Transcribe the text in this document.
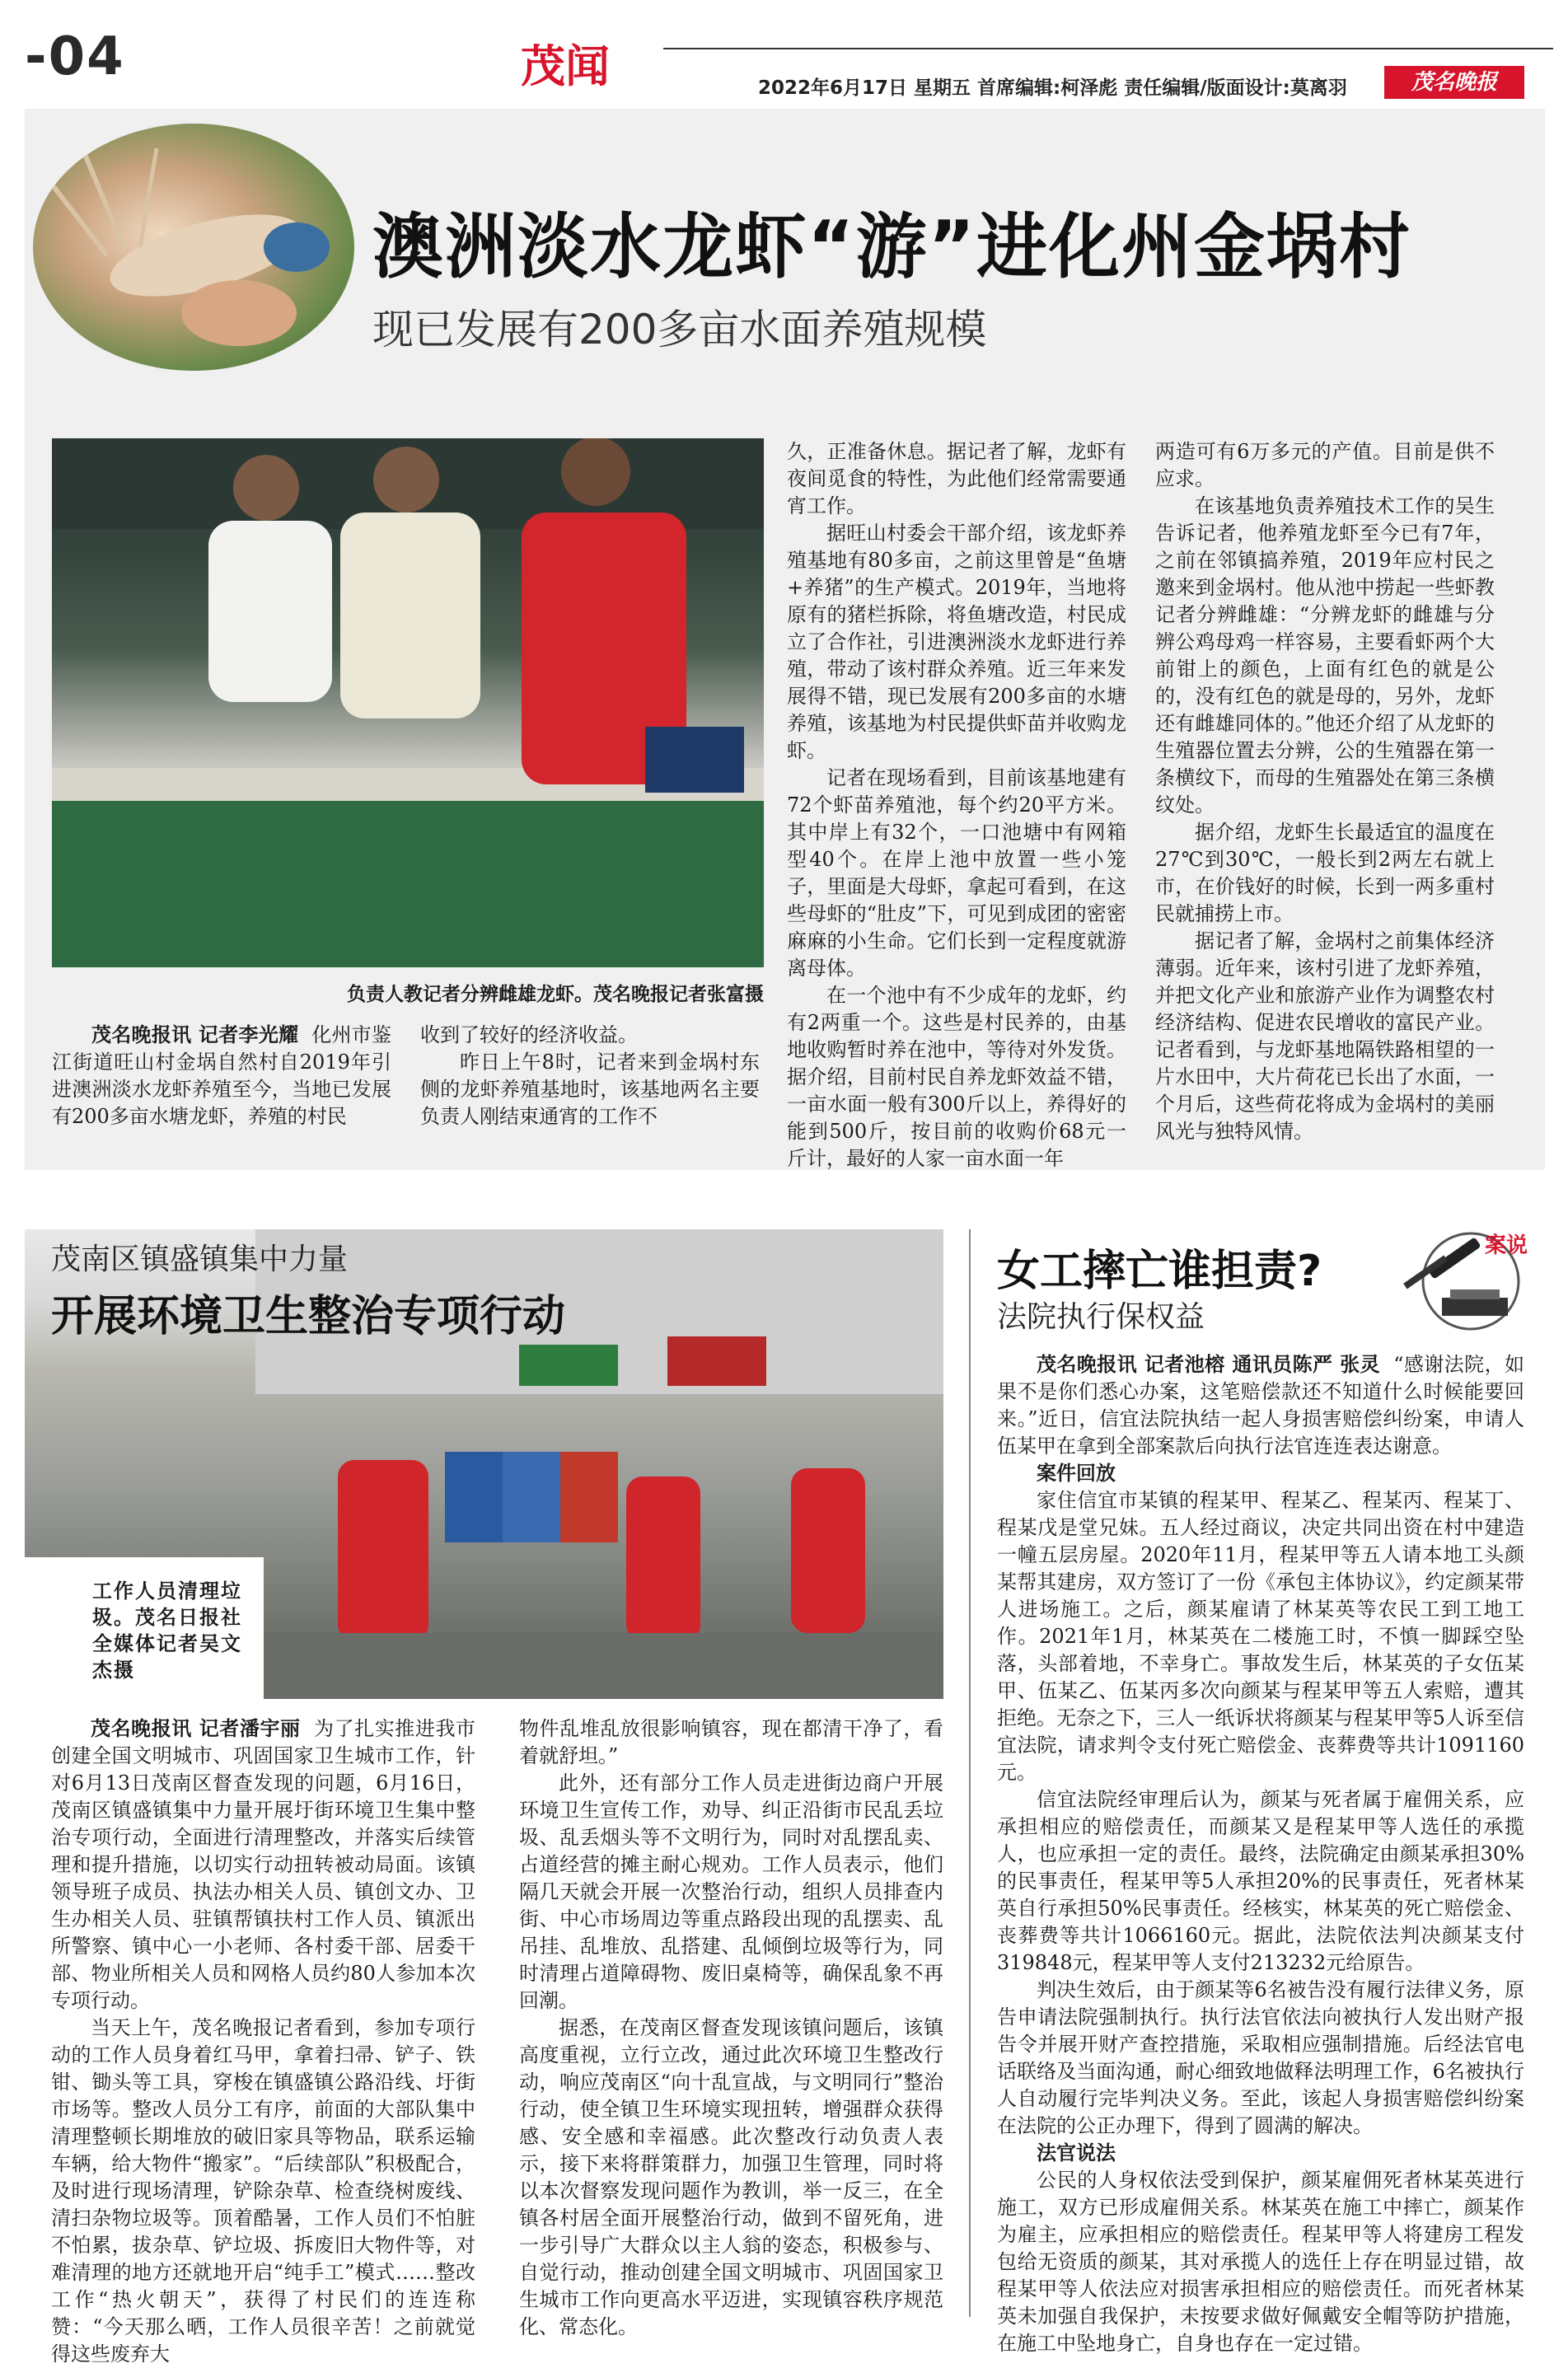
-04	茂闻	2022年6月17日 星期五 首席编辑:柯泽彪 责任编辑/版面设计:莫离羽	茂名晚报
澳洲淡水龙虾“游”进化州金埚村
现已发展有200多亩水面养殖规模
负责人教记者分辨雌雄龙虾。茂名晚报记者张富摄

茂名晚报讯 记者李光耀 化州市鉴江街道旺山村金埚自然村自2019年引进澳洲淡水龙虾养殖至今，当地已发展有200多亩水塘龙虾，养殖的村民

收到了较好的经济收益。

昨日上午8时，记者来到金埚村东侧的龙虾养殖基地时，该基地两名主要负责人刚结束通宵的工作不

久，正准备休息。据记者了解，龙虾有夜间觅食的特性，为此他们经常需要通宵工作。

据旺山村委会干部介绍，该龙虾养殖基地有80多亩，之前这里曾是“鱼塘+养猪”的生产模式。2019年，当地将原有的猪栏拆除，将鱼塘改造，村民成立了合作社，引进澳洲淡水龙虾进行养殖，带动了该村群众养殖。近三年来发展得不错，现已发展有200多亩的水塘养殖，该基地为村民提供虾苗并收购龙虾。

记者在现场看到，目前该基地建有72个虾苗养殖池，每个约20平方米。其中岸上有32个，一口池塘中有网箱型40个。在岸上池中放置一些小笼子，里面是大母虾，拿起可看到，在这些母虾的“肚皮”下，可见到成团的密密麻麻的小生命。它们长到一定程度就游离母体。

在一个池中有不少成年的龙虾，约有2两重一个。这些是村民养的，由基地收购暂时养在池中，等待对外发货。据介绍，目前村民自养龙虾效益不错，一亩水面一般有300斤以上，养得好的能到500斤，按目前的收购价68元一斤计，最好的人家一亩水面一年

两造可有6万多元的产值。目前是供不应求。

在该基地负责养殖技术工作的吴生告诉记者，他养殖龙虾至今已有7年，之前在邻镇搞养殖，2019年应村民之邀来到金埚村。他从池中捞起一些虾教记者分辨雌雄：“分辨龙虾的雌雄与分辨公鸡母鸡一样容易，主要看虾两个大前钳上的颜色，上面有红色的就是公的，没有红色的就是母的，另外，龙虾还有雌雄同体的。”他还介绍了从龙虾的生殖器位置去分辨，公的生殖器在第一条横纹下，而母的生殖器处在第三条横纹处。

据介绍，龙虾生长最适宜的温度在27℃到30℃，一般长到2两左右就上市，在价钱好的时候，长到一两多重村民就捕捞上市。

据记者了解，金埚村之前集体经济薄弱。近年来，该村引进了龙虾养殖，并把文化产业和旅游产业作为调整农村经济结构、促进农民增收的富民产业。记者看到，与龙虾基地隔铁路相望的一片水田中，大片荷花已长出了水面，一个月后，这些荷花将成为金埚村的美丽风光与独特风情。

茂南区镇盛镇集中力量
开展环境卫生整治专项行动
工作人员清理垃圾。茂名日报社全媒体记者吴文杰摄

茂名晚报讯 记者潘宇丽 为了扎实推进我市创建全国文明城市、巩固国家卫生城市工作，针对6月13日茂南区督查发现的问题，6月16日，茂南区镇盛镇集中力量开展圩街环境卫生集中整治专项行动，全面进行清理整改，并落实后续管理和提升措施，以切实行动扭转被动局面。该镇领导班子成员、执法办相关人员、镇创文办、卫生办相关人员、驻镇帮镇扶村工作人员、镇派出所警察、镇中心一小老师、各村委干部、居委干部、物业所相关人员和网格人员约80人参加本次专项行动。

当天上午，茂名晚报记者看到，参加专项行动的工作人员身着红马甲，拿着扫帚、铲子、铁钳、锄头等工具，穿梭在镇盛镇公路沿线、圩街市场等。整改人员分工有序，前面的大部队集中清理整顿长期堆放的破旧家具等物品，联系运输车辆，给大物件“搬家”。“后续部队”积极配合，及时进行现场清理，铲除杂草、检查绕树废线、清扫杂物垃圾等。顶着酷暑，工作人员们不怕脏不怕累，拔杂草、铲垃圾、拆废旧大物件等，对难清理的地方还就地开启“纯手工”模式……整改工作“热火朝天”，获得了村民们的连连称赞：“今天那么晒，工作人员很辛苦！之前就觉得这些废弃大

物件乱堆乱放很影响镇容，现在都清干净了，看着就舒坦。”

此外，还有部分工作人员走进街边商户开展环境卫生宣传工作，劝导、纠正沿街市民乱丢垃圾、乱丢烟头等不文明行为，同时对乱摆乱卖、占道经营的摊主耐心规劝。工作人员表示，他们隔几天就会开展一次整治行动，组织人员排查内街、中心市场周边等重点路段出现的乱摆卖、乱吊挂、乱堆放、乱搭建、乱倾倒垃圾等行为，同时清理占道障碍物、废旧桌椅等，确保乱象不再回潮。

据悉，在茂南区督查发现该镇问题后，该镇高度重视，立行立改，通过此次环境卫生整改行动，响应茂南区“向十乱宣战，与文明同行”整治行动，使全镇卫生环境实现扭转，增强群众获得感、安全感和幸福感。此次整改行动负责人表示，接下来将群策群力，加强卫生管理，同时将以本次督察发现问题作为教训，举一反三，在全镇各村居全面开展整治行动，做到不留死角，进一步引导广大群众以主人翁的姿态，积极参与、自觉行动，推动创建全国文明城市、巩固国家卫生城市工作向更高水平迈进，实现镇容秩序规范化、常态化。

女工摔亡谁担责?
法院执行保权益
案说

茂名晚报讯 记者池榕 通讯员陈严 张灵 “感谢法院，如果不是你们悉心办案，这笔赔偿款还不知道什么时候能要回来。”近日，信宜法院执结一起人身损害赔偿纠纷案，申请人伍某甲在拿到全部案款后向执行法官连连表达谢意。

案件回放

家住信宜市某镇的程某甲、程某乙、程某丙、程某丁、程某戊是堂兄妹。五人经过商议，决定共同出资在村中建造一幢五层房屋。2020年11月，程某甲等五人请本地工头颜某帮其建房，双方签订了一份《承包主体协议》，约定颜某带人进场施工。之后，颜某雇请了林某英等农民工到工地工作。2021年1月，林某英在二楼施工时，不慎一脚踩空坠落，头部着地，不幸身亡。事故发生后，林某英的子女伍某甲、伍某乙、伍某丙多次向颜某与程某甲等五人索赔，遭其拒绝。无奈之下，三人一纸诉状将颜某与程某甲等5人诉至信宜法院，请求判令支付死亡赔偿金、丧葬费等共计1091160元。

信宜法院经审理后认为，颜某与死者属于雇佣关系，应承担相应的赔偿责任，而颜某又是程某甲等人选任的承揽人，也应承担一定的责任。最终，法院确定由颜某承担30%的民事责任，程某甲等5人承担20%的民事责任，死者林某英自行承担50%民事责任。经核实，林某英的死亡赔偿金、丧葬费等共计1066160元。据此，法院依法判决颜某支付319848元，程某甲等人支付213232元给原告。

判决生效后，由于颜某等6名被告没有履行法律义务，原告申请法院强制执行。执行法官依法向被执行人发出财产报告令并展开财产查控措施，采取相应强制措施。后经法官电话联络及当面沟通，耐心细致地做释法明理工作，6名被执行人自动履行完毕判决义务。至此，该起人身损害赔偿纠纷案在法院的公正办理下，得到了圆满的解决。

法官说法

公民的人身权依法受到保护，颜某雇佣死者林某英进行施工，双方已形成雇佣关系。林某英在施工中摔亡，颜某作为雇主，应承担相应的赔偿责任。程某甲等人将建房工程发包给无资质的颜某，其对承揽人的选任上存在明显过错，故程某甲等人依法应对损害承担相应的赔偿责任。而死者林某英未加强自我保护，未按要求做好佩戴安全帽等防护措施，在施工中坠地身亡，自身也存在一定过错。
